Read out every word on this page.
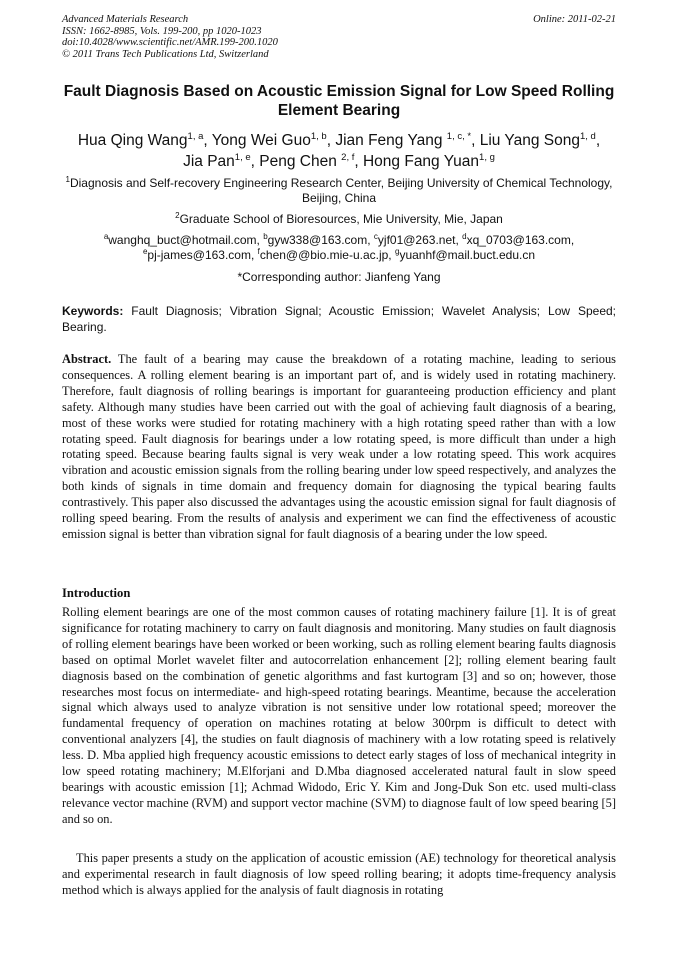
Advanced Materials Research
ISSN: 1662-8985, Vols. 199-200, pp 1020-1023
doi:10.4028/www.scientific.net/AMR.199-200.1020
© 2011 Trans Tech Publications Ltd, Switzerland
Online: 2011-02-21
Fault Diagnosis Based on Acoustic Emission Signal for Low Speed Rolling Element Bearing
Hua Qing Wang$^{1, a}$, Yong Wei Guo$^{1, b}$, Jian Feng Yang $^{1, c, *}$, Liu Yang Song$^{1, d}$,
Jia Pan$^{1, e}$, Peng Chen $^{2, f}$, Hong Fang Yuan$^{1, g}$
$^1$Diagnosis and Self-recovery Engineering Research Center, Beijing University of Chemical Technology, Beijing, China
$^2$Graduate School of Bioresources, Mie University, Mie, Japan
$^a$wanghq_buct@hotmail.com, $^b$gyw338@163.com, $^c$yjf01@263.net, $^d$xq_0703@163.com,
$^e$pj-james@163.com, $^f$chen@@bio.mie-u.ac.jp, $^g$yuanhf@mail.buct.edu.cn
*Corresponding author: Jianfeng Yang
Keywords: Fault Diagnosis; Vibration Signal; Acoustic Emission; Wavelet Analysis; Low Speed; Bearing.
Abstract. The fault of a bearing may cause the breakdown of a rotating machine, leading to serious consequences. A rolling element bearing is an important part of, and is widely used in rotating machinery. Therefore, fault diagnosis of rolling bearings is important for guaranteeing production efficiency and plant safety. Although many studies have been carried out with the goal of achieving fault diagnosis of a bearing, most of these works were studied for rotating machinery with a high rotating speed rather than with a low rotating speed. Fault diagnosis for bearings under a low rotating speed, is more difficult than under a high rotating speed. Because bearing faults signal is very weak under a low rotating speed. This work acquires vibration and acoustic emission signals from the rolling bearing under low speed respectively, and analyzes the both kinds of signals in time domain and frequency domain for diagnosing the typical bearing faults contrastively. This paper also discussed the advantages using the acoustic emission signal for fault diagnosis of rolling speed bearing. From the results of analysis and experiment we can find the effectiveness of acoustic emission signal is better than vibration signal for fault diagnosis of a bearing under the low speed.
Introduction
Rolling element bearings are one of the most common causes of rotating machinery failure [1]. It is of great significance for rotating machinery to carry on fault diagnosis and monitoring. Many studies on fault diagnosis of rolling element bearings have been worked or been working, such as rolling element bearing faults diagnosis based on optimal Morlet wavelet filter and autocorrelation enhancement [2]; rolling element bearing fault diagnosis based on the combination of genetic algorithms and fast kurtogram [3] and so on; however, those researches most focus on intermediate- and high-speed rotating bearings. Meantime, because the acceleration signal which always used to analyze vibration is not sensitive under low rotational speed; moreover the fundamental frequency of operation on machines rotating at below 300rpm is difficult to detect with conventional analyzers [4], the studies on fault diagnosis of machinery with a low rotating speed is relatively less. D. Mba applied high frequency acoustic emissions to detect early stages of loss of mechanical integrity in low speed rotating machinery; M.Elforjani and D.Mba diagnosed accelerated natural fault in slow speed bearings with acoustic emission [1]; Achmad Widodo, Eric Y. Kim and Jong-Duk Son etc. used multi-class relevance vector machine (RVM) and support vector machine (SVM) to diagnose fault of low speed bearing [5] and so on.
This paper presents a study on the application of acoustic emission (AE) technology for theoretical analysis and experimental research in fault diagnosis of low speed rolling bearing; it adopts time-frequency analysis method which is always applied for the analysis of fault diagnosis in rotating
